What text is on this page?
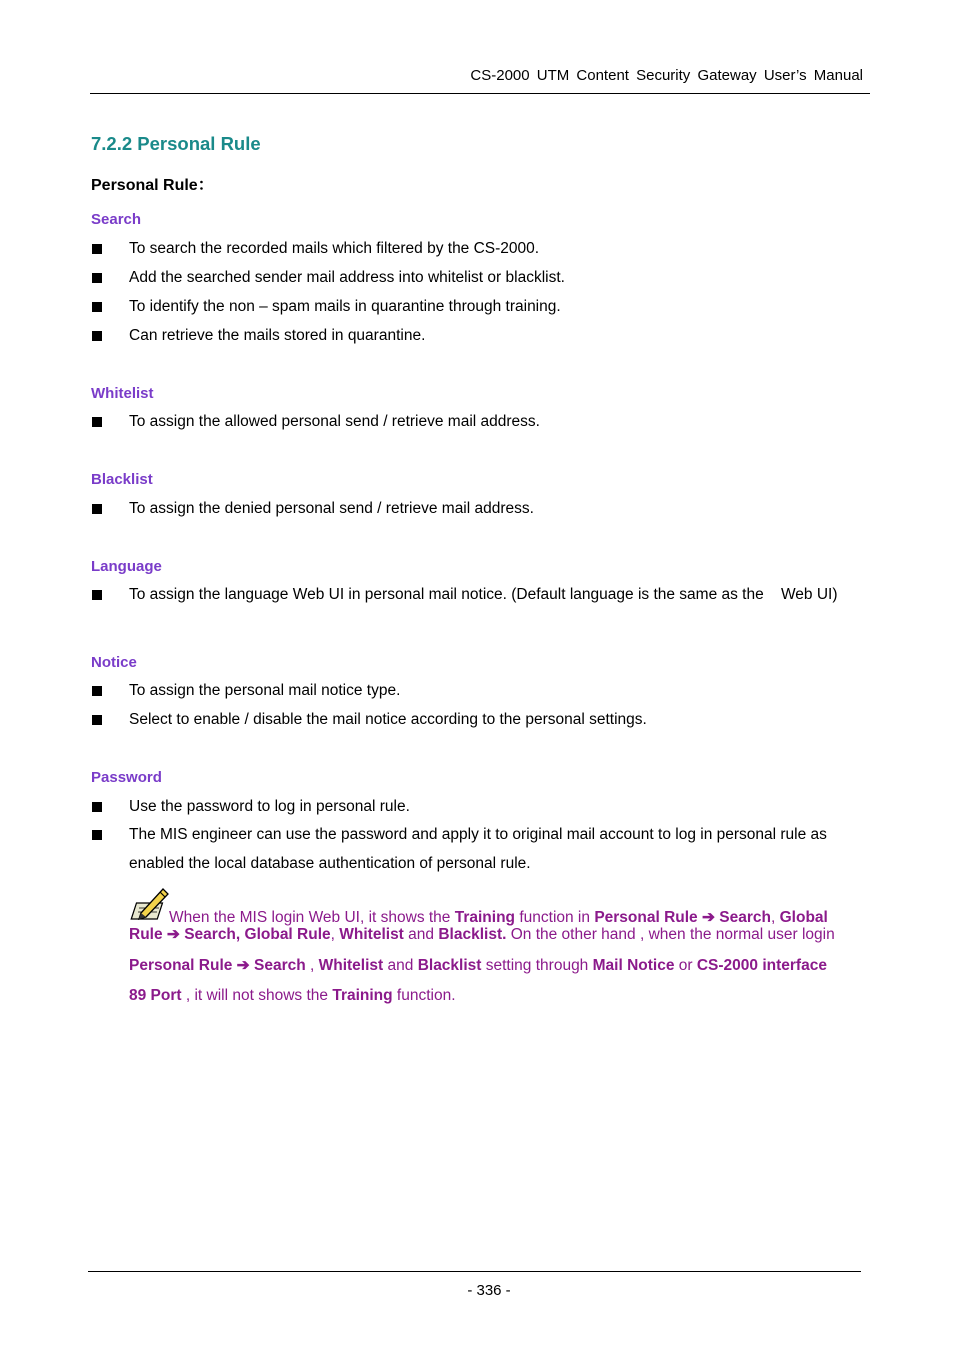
CS-2000 UTM Content Security Gateway User’s Manual
7.2.2 Personal Rule
Personal Rule：
Search
To search the recorded mails which filtered by the CS-2000.
Add the searched sender mail address into whitelist or blacklist.
To identify the non – spam mails in quarantine through training.
Can retrieve the mails stored in quarantine.
Whitelist
To assign the allowed personal send / retrieve mail address.
Blacklist
To assign the denied personal send / retrieve mail address.
Language
To assign the language Web UI in personal mail notice. (Default language is the same as the    Web UI)
Notice
To assign the personal mail notice type.
Select to enable / disable the mail notice according to the personal settings.
Password
Use the password to log in personal rule.
The MIS engineer can use the password and apply it to original mail account to log in personal rule as
enabled the local database authentication of personal rule.
When the MIS login Web UI, it shows the Training function in Personal Rule ➔ Search, Global
Rule ➔ Search, Global Rule, Whitelist and Blacklist. On the other hand , when the normal user login
Personal Rule ➔ Search , Whitelist and Blacklist setting through Mail Notice or CS-2000 interface
89 Port , it will not shows the Training function.
- 336 -
